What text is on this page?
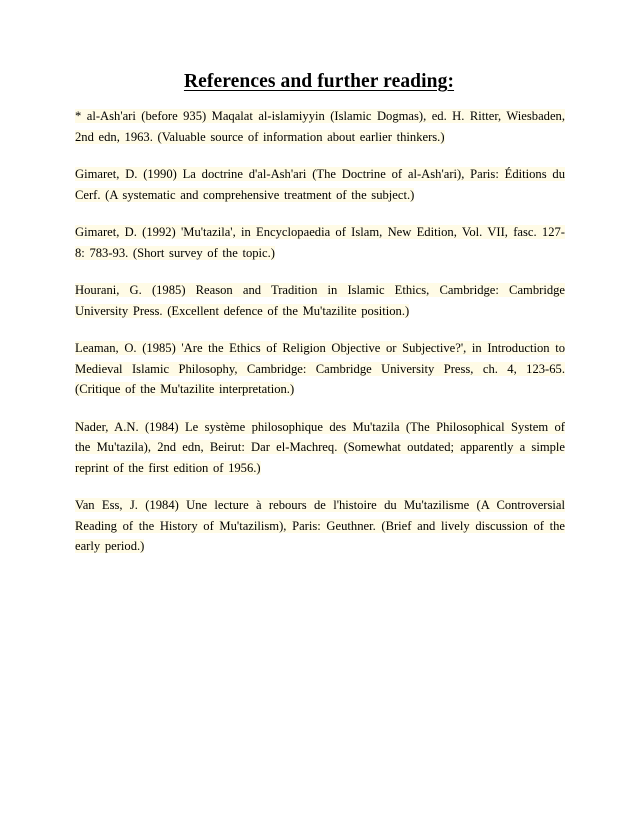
References and further reading:

* al-Ash'ari (before 935) Maqalat al-islamiyyin (Islamic Dogmas), ed. H. Ritter, Wiesbaden, 2nd edn, 1963. (Valuable source of information about earlier thinkers.)

Gimaret, D. (1990) La doctrine d'al-Ash'ari (The Doctrine of al-Ash'ari), Paris: Éditions du Cerf. (A systematic and comprehensive treatment of the subject.)

Gimaret, D. (1992) 'Mu'tazila', in Encyclopaedia of Islam, New Edition, Vol. VII, fasc. 127-8: 783-93. (Short survey of the topic.)

Hourani, G. (1985) Reason and Tradition in Islamic Ethics, Cambridge: Cambridge University Press. (Excellent defence of the Mu'tazilite position.)

Leaman, O. (1985) 'Are the Ethics of Religion Objective or Subjective?', in Introduction to Medieval Islamic Philosophy, Cambridge: Cambridge University Press, ch. 4, 123-65. (Critique of the Mu'tazilite interpretation.)

Nader, A.N. (1984) Le système philosophique des Mu'tazila (The Philosophical System of the Mu'tazila), 2nd edn, Beirut: Dar el-Machreq. (Somewhat outdated; apparently a simple reprint of the first edition of 1956.)

Van Ess, J. (1984) Une lecture à rebours de l'histoire du Mu'tazilisme (A Controversial Reading of the History of Mu'tazilism), Paris: Geuthner. (Brief and lively discussion of the early period.)
